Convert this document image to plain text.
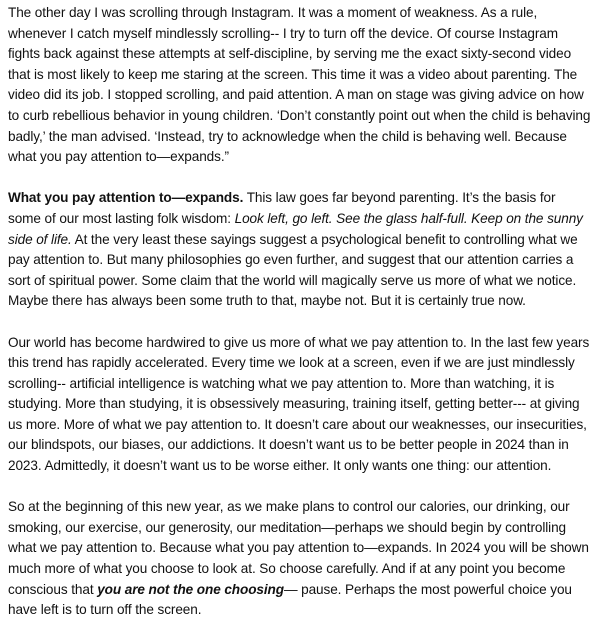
The other day I was scrolling through Instagram. It was a moment of weakness. As a rule, whenever I catch myself mindlessly scrolling-- I try to turn off the device. Of course Instagram fights back against these attempts at self-discipline, by serving me the exact sixty-second video that is most likely to keep me staring at the screen. This time it was a video about parenting. The video did its job. I stopped scrolling, and paid attention. A man on stage was giving advice on how to curb rebellious behavior in young children. ‘Don’t constantly point out when the child is behaving badly,’ the man advised. ‘Instead, try to acknowledge when the child is behaving well. Because what you pay attention to—expands.”

What you pay attention to—expands. This law goes far beyond parenting. It’s the basis for some of our most lasting folk wisdom: Look left, go left. See the glass half-full. Keep on the sunny side of life. At the very least these sayings suggest a psychological benefit to controlling what we pay attention to. But many philosophies go even further, and suggest that our attention carries a sort of spiritual power. Some claim that the world will magically serve us more of what we notice. Maybe there has always been some truth to that, maybe not. But it is certainly true now.

Our world has become hardwired to give us more of what we pay attention to. In the last few years this trend has rapidly accelerated. Every time we look at a screen, even if we are just mindlessly scrolling-- artificial intelligence is watching what we pay attention to. More than watching, it is studying. More than studying, it is obsessively measuring, training itself, getting better--- at giving us more. More of what we pay attention to. It doesn’t care about our weaknesses, our insecurities, our blindspots, our biases, our addictions. It doesn’t want us to be better people in 2024 than in 2023. Admittedly, it doesn’t want us to be worse either. It only wants one thing: our attention.

So at the beginning of this new year, as we make plans to control our calories, our drinking, our smoking, our exercise, our generosity, our meditation—perhaps we should begin by controlling what we pay attention to. Because what you pay attention to—expands. In 2024 you will be shown much more of what you choose to look at. So choose carefully. And if at any point you become conscious that you are not the one choosing— pause. Perhaps the most powerful choice you have left is to turn off the screen.
